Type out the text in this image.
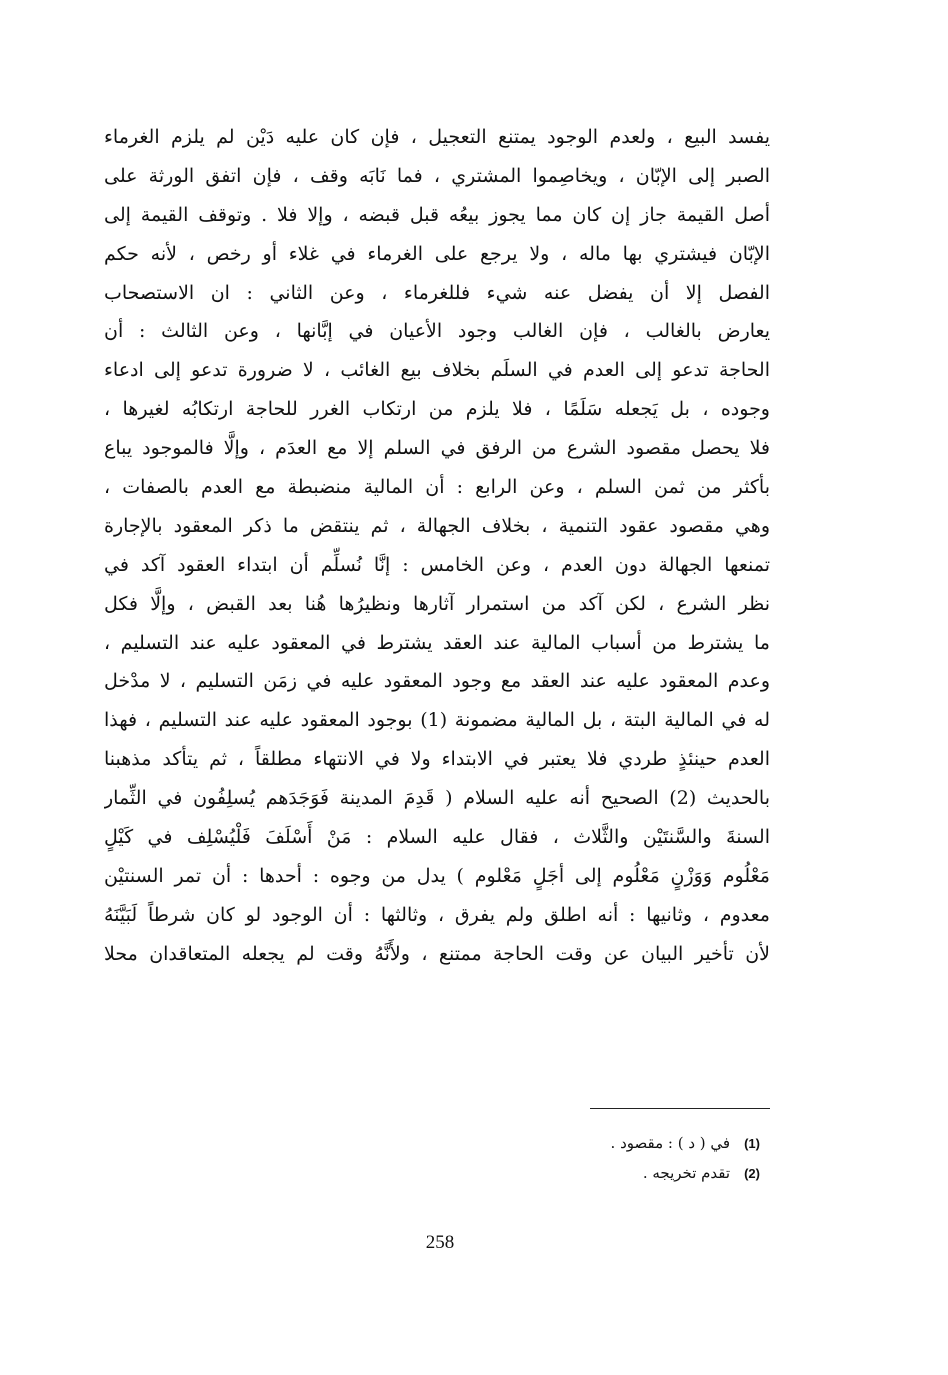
يفسد البيع ، ولعدم الوجود يمتنع التعجيل ، فإن كان عليه دَيْن لم يلزم الغرماء
الصبر إلى الإبّان ، ويخاصِموا المشتري ، فما نَابَه وقف ، فإن اتفق الورثة على
أصل القيمة جاز إن كان مما يجوز بيعُه قبل قبضه ، وإلا فلا . وتوقف القيمة إلى
الإبّان فيشتري بها ماله ، ولا يرجع على الغرماء في غلاء أو رخص ، لأنه حكم
الفصل إلا أن يفضل عنه شيء فللغرماء ، وعن الثاني : ان الاستصحاب
يعارض بالغالب ، فإن الغالب وجود الأعيان في إبَّانها ، وعن الثالث : أن
الحاجة تدعو إلى العدم في السلَم بخلاف بيع الغائب ، لا ضرورة تدعو إلى ادعاء
وجوده ، بل يَجعله سَلَمًا ، فلا يلزم من ارتكاب الغرر للحاجة ارتكابُه لغيرها ،
فلا يحصل مقصود الشرع من الرفق في السلم إلا مع العدَم ، وإلَّا فالموجود يباع
بأكثر من ثمن السلم ، وعن الرابع : أن المالية منضبطة مع العدم بالصفات ،
وهي مقصود عقود التنمية ، بخلاف الجهالة ، ثم ينتقض ما ذكر المعقود بالإجارة
تمنعها الجهالة دون العدم ، وعن الخامس : إنَّا نُسلِّم أن ابتداء العقود آكد في
نظر الشرع ، لكن آكد من استمرار آثارها ونظيرُها هُنا بعد القبض ، وإلَّا فكل
ما يشترط من أسباب المالية عند العقد يشترط في المعقود عليه عند التسليم ،
وعدم المعقود عليه عند العقد مع وجود المعقود عليه في زمَن التسليم ، لا مدْخل
له في المالية البتة ، بل المالية مضمونة (1) بوجود المعقود عليه عند التسليم ، فهذا
العدم حينئذٍ طردي فلا يعتبر في الابتداء ولا في الانتهاء مطلقاً ، ثم يتأكد مذهبنا
بالحديث (2) الصحيح أنه عليه السلام ( قَدِمَ المدينة فَوَجَدَهم يُسلِفُون في الثِّمار
السنةَ والسَّنتَيْن والثَّلاث ، فقال عليه السلام : مَنْ أَسْلَفَ فَلْيُسْلِف في كَيْلٍ
مَعْلُوم وَوَزْنٍ مَعْلُوم إلى أجَلٍ مَعْلوم ) يدل من وجوه : أحدها : أن تمر السنتيْن
معدوم ، وثانيها : أنه اطلق ولم يفرق ، وثالثها : أن الوجود لو كان شرطاً لَبَيَّنَهُ
لأن تأخير البيان عن وقت الحاجة ممتنع ، ولأَنَّهُ وقت لم يجعله المتعاقدان محلا
(1)في ( د ) : مقصود .
(2)تقدم تخريجه .
258
